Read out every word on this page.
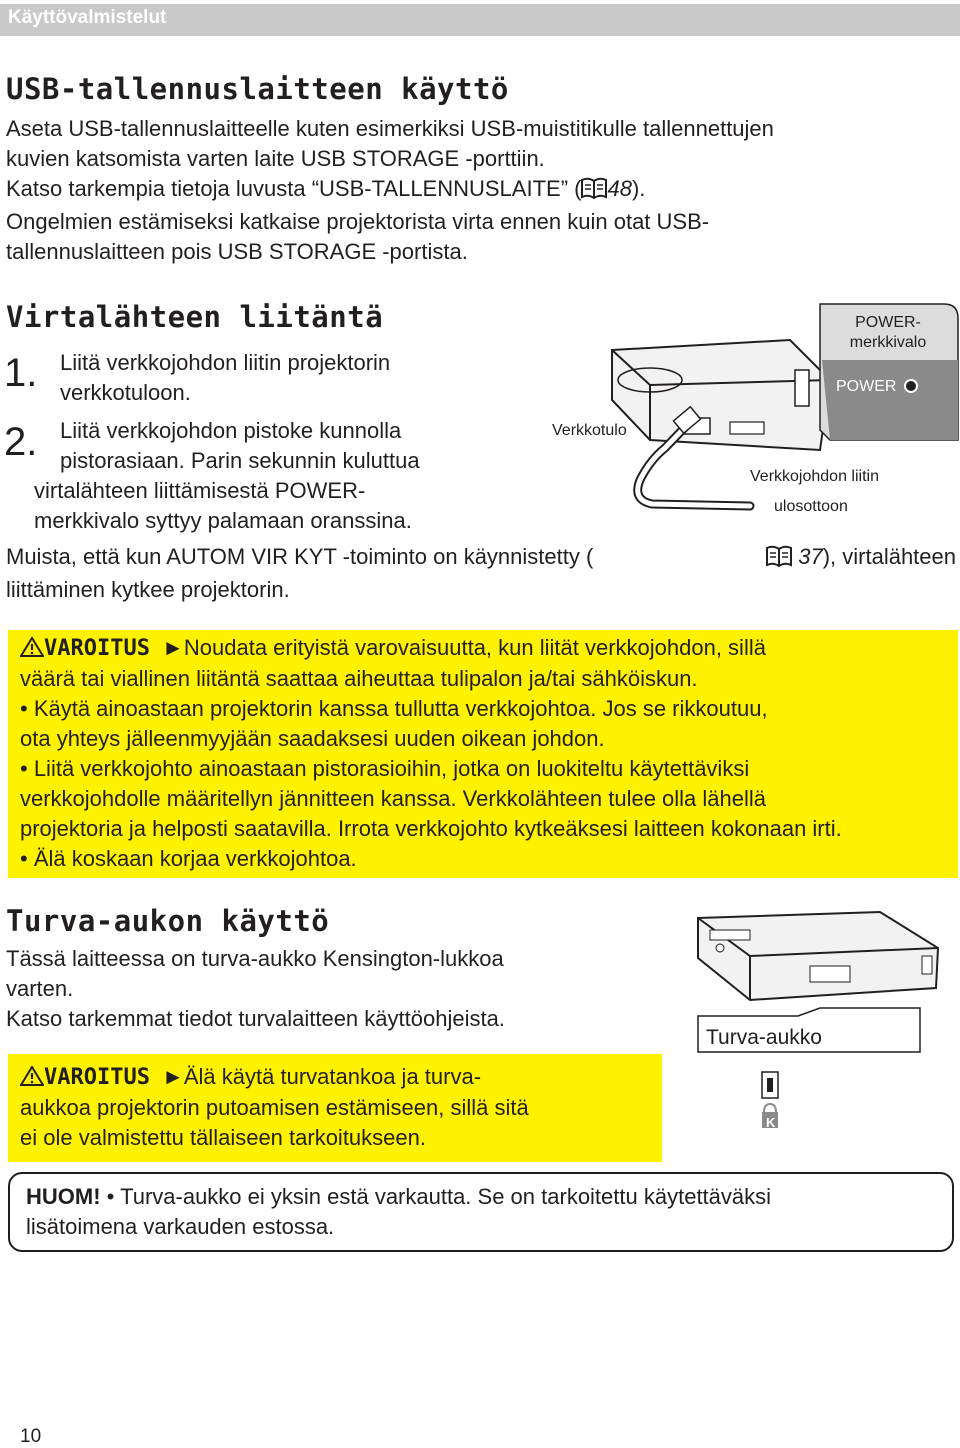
Käyttövalmistelut
USB-tallennuslaitteen käyttö
Aseta USB-tallennuslaitteelle kuten esimerkiksi USB-muistitikulle tallennettujen
kuvien katsomista varten laite USB STORAGE -porttiin.
Katso tarkempia tietoja luvusta “USB-TALLENNUSLAITE” ( 48).
Ongelmien estämiseksi katkaise projektorista virta ennen kuin otat USB-
tallennuslaitteen pois USB STORAGE -portista.
Virtalähteen liitäntä
1. Liitä verkkojohdon liitin projektorin
verkkotuloon.
2. Liitä verkkojohdon pistoke kunnolla
pistorasiaan. Parin sekunnin kuluttua
virtalähteen liittämisestä POWER-
merkkivalo syttyy palamaan oranssina.
POWER-
merkkivalo
POWER
Verkkotulo
Verkkojohdon liitin
ulosottoon
Muista, että kun AUTOM VIR KYT -toiminto on käynnistetty (	37), virtalähteen
liittäminen kytkee projektorin.
VAROITUS ►Noudata erityistä varovaisuutta, kun liität verkkojohdon, sillä
väärä tai viallinen liitäntä saattaa aiheuttaa tulipalon ja/tai sähköiskun.
• Käytä ainoastaan projektorin kanssa tullutta verkkojohtoa. Jos se rikkoutuu,
ota yhteys jälleenmyyjään saadaksesi uuden oikean johdon.
• Liitä verkkojohto ainoastaan pistorasioihin, jotka on luokiteltu käytettäviksi
verkkojohdolle määritellyn jännitteen kanssa. Verkkolähteen tulee olla lähellä
projektoria ja helposti saatavilla. Irrota verkkojohto kytkeäksesi laitteen kokonaan irti.
• Älä koskaan korjaa verkkojohtoa.
Turva-aukon käyttö
Tässä laitteessa on turva-aukko Kensington-lukkoa
varten.
Katso tarkemmat tiedot turvalaitteen käyttöohjeista.
Turva-aukko
K
VAROITUS ►Älä käytä turvatankoa ja turva-
aukkoa projektorin putoamisen estämiseen, sillä sitä
ei ole valmistettu tällaiseen tarkoitukseen.
HUOM! • Turva-aukko ei yksin estä varkautta. Se on tarkoitettu käytettäväksi
lisätoimena varkauden estossa.
10
